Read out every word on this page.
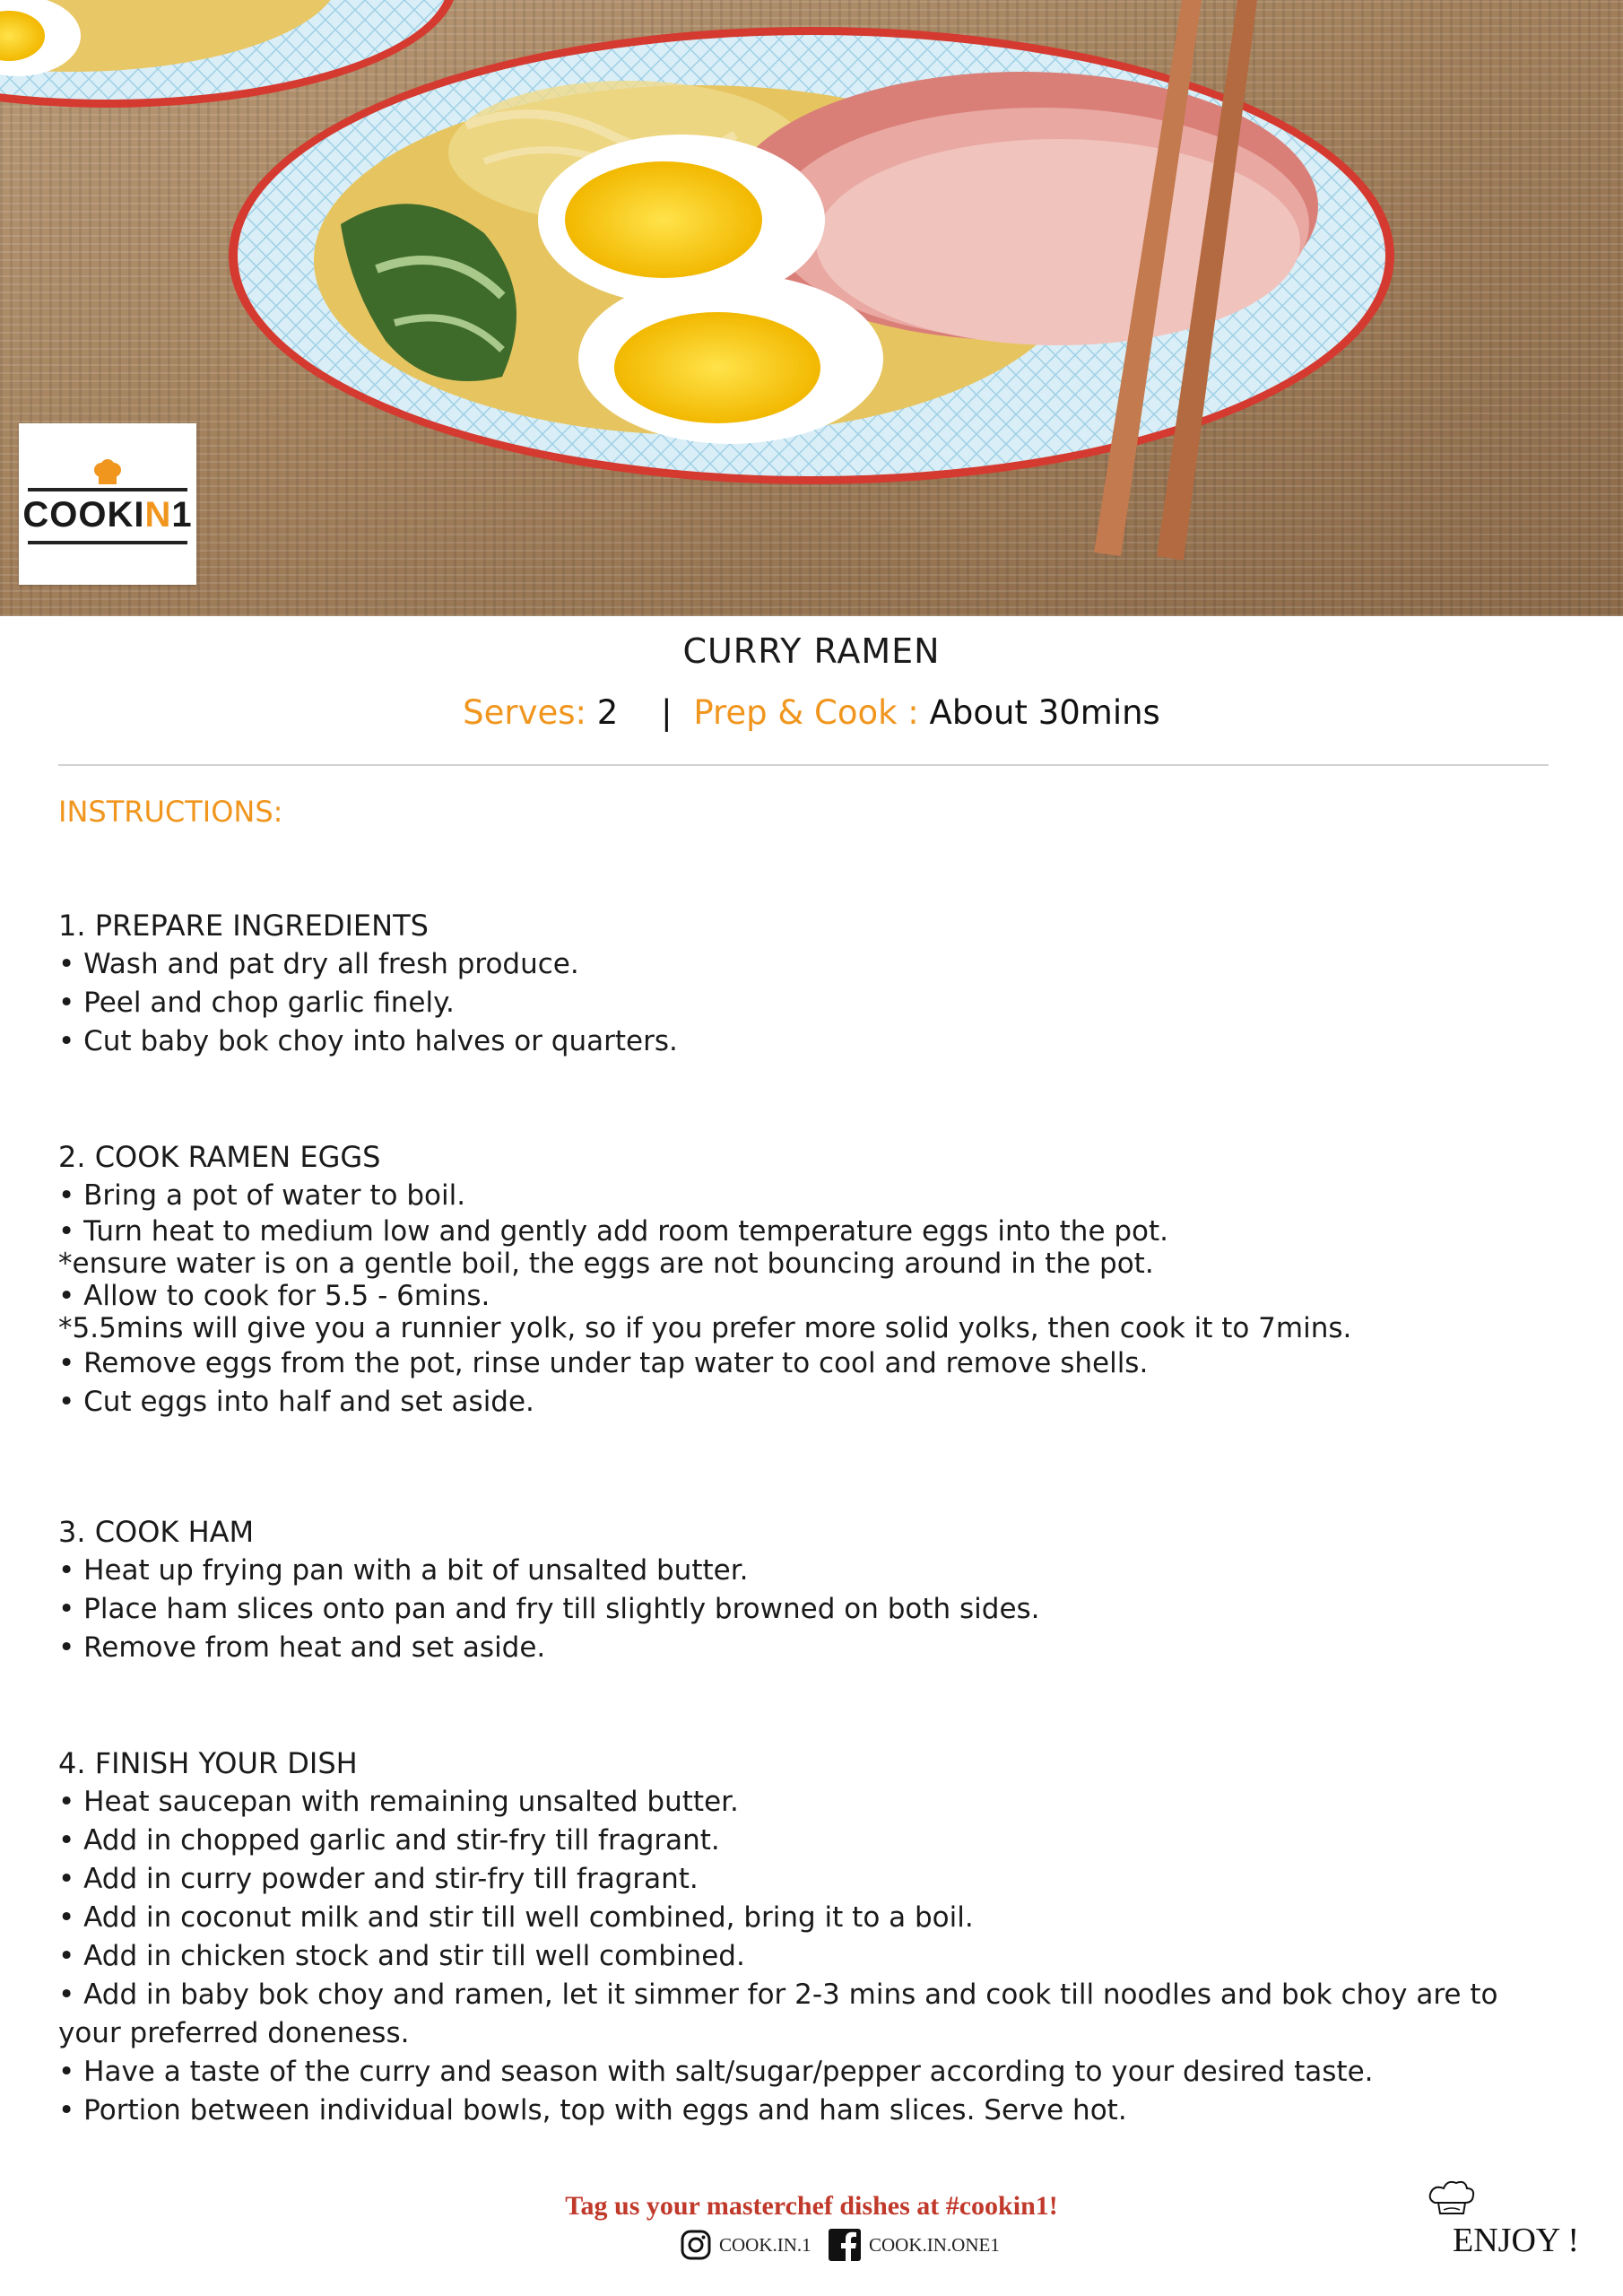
COOKIN1
CURRY RAMEN
Serves: 2 | Prep & Cook : About 30mins
INSTRUCTIONS:
1. PREPARE INGREDIENTS
• Wash and pat dry all fresh produce.
• Peel and chop garlic finely.
• Cut baby bok choy into halves or quarters.
2. COOK RAMEN EGGS
• Bring a pot of water to boil.
• Turn heat to medium low and gently add room temperature eggs into the pot.
*ensure water is on a gentle boil, the eggs are not bouncing around in the pot.
• Allow to cook for 5.5 - 6mins.
*5.5mins will give you a runnier yolk, so if you prefer more solid yolks, then cook it to 7mins.
• Remove eggs from the pot, rinse under tap water to cool and remove shells.
• Cut eggs into half and set aside.
3. COOK HAM
• Heat up frying pan with a bit of unsalted butter.
• Place ham slices onto pan and fry till slightly browned on both sides.
• Remove from heat and set aside.
4. FINISH YOUR DISH
• Heat saucepan with remaining unsalted butter.
• Add in chopped garlic and stir-fry till fragrant.
• Add in curry powder and stir-fry till fragrant.
• Add in coconut milk and stir till well combined, bring it to a boil.
• Add in chicken stock and stir till well combined.
• Add in baby bok choy and ramen, let it simmer for 2-3 mins and cook till noodles and bok choy are to your preferred doneness.
• Have a taste of the curry and season with salt/sugar/pepper according to your desired taste.
• Portion between individual bowls, top with eggs and ham slices. Serve hot.
Tag us your masterchef dishes at #cookin1!
COOK.IN.1	COOK.IN.ONE1	ENJOY !
